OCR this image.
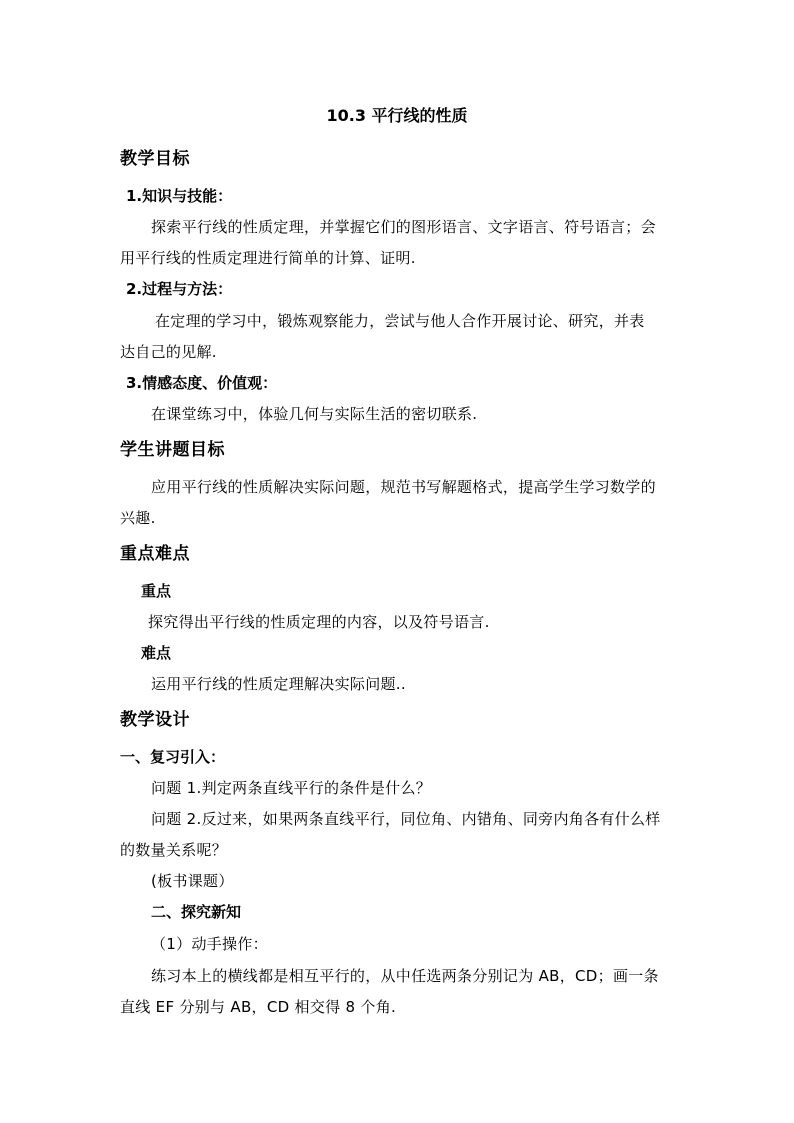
10.3 平行线的性质
教学目标
1.知识与技能：
探索平行线的性质定理，并掌握它们的图形语言、文字语言、符号语言；会
用平行线的性质定理进行简单的计算、证明.
2.过程与方法：
在定理的学习中，锻炼观察能力，尝试与他人合作开展讨论、研究，并表
达自己的见解.
3.情感态度、价值观：
在课堂练习中，体验几何与实际生活的密切联系.
学生讲题目标
应用平行线的性质解决实际问题，规范书写解题格式，提高学生学习数学的
兴趣.
重点难点
重点
探究得出平行线的性质定理的内容，以及符号语言.
难点
运用平行线的性质定理解决实际问题..
教学设计
一、复习引入：
问题 1.判定两条直线平行的条件是什么？
问题 2.反过来，如果两条直线平行，同位角、内错角、同旁内角各有什么样
的数量关系呢？
(板书课题）
二、探究新知
（1）动手操作：
练习本上的横线都是相互平行的，从中任选两条分别记为 AB，CD；画一条
直线 EF 分别与 AB，CD 相交得 8 个角.
